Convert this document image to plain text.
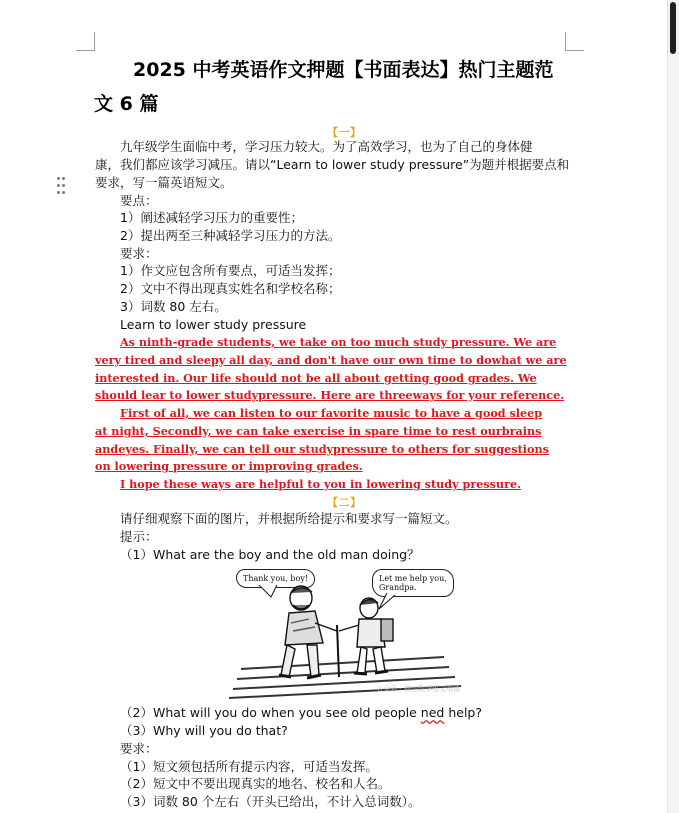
2025 中考英语作文押题【书面表达】热门主题范
文 6 篇
【一】
九年级学生面临中考，学习压力较大。为了高效学习，也为了自己的身体健
康，我们都应该学习减压。请以“Learn to lower study pressure”为题并根据要点和
要求，写一篇英语短文。
要点：
1）阐述减轻学习压力的重要性；
2）提出两至三种减轻学习压力的方法。
要求：
1）作文应包含所有要点，可适当发挥；
2）文中不得出现真实姓名和学校名称；
3）词数 80 左右。
Learn to lower study pressure
As ninth-grade students, we take on too much study pressure. We are
very tired and sleepy all day, and don't have our own time to dowhat we are
interested in. Our life should not be all about getting good grades. We
should lear to lower studypressure. Here are threeways for your reference.
First of all, we can listen to our favorite music to have a good sleep
at night, Secondly, we can take exercise in spare time to rest ourbrains
andeyes. Finally, we can tell our studypressure to others for suggestions
on lowering pressure or improving grades.
I hope these ways are helpful to you in lowering study pressure.
【二】
请仔细观察下面的图片，并根据所给提示和要求写一篇短文。
提示：
（1）What are the boy and the old man doing？
Thank you, boy!	Let me help you,
Grandpa.
公众号 · 初三数学语文英语
（2）What will you do when you see old people ned help?
（3）Why will you do that?
要求：
（1）短文须包括所有提示内容，可适当发挥。
（2）短文中不要出现真实的地名、校名和人名。
（3）词数 80 个左右（开头已给出，不计入总词数）。
